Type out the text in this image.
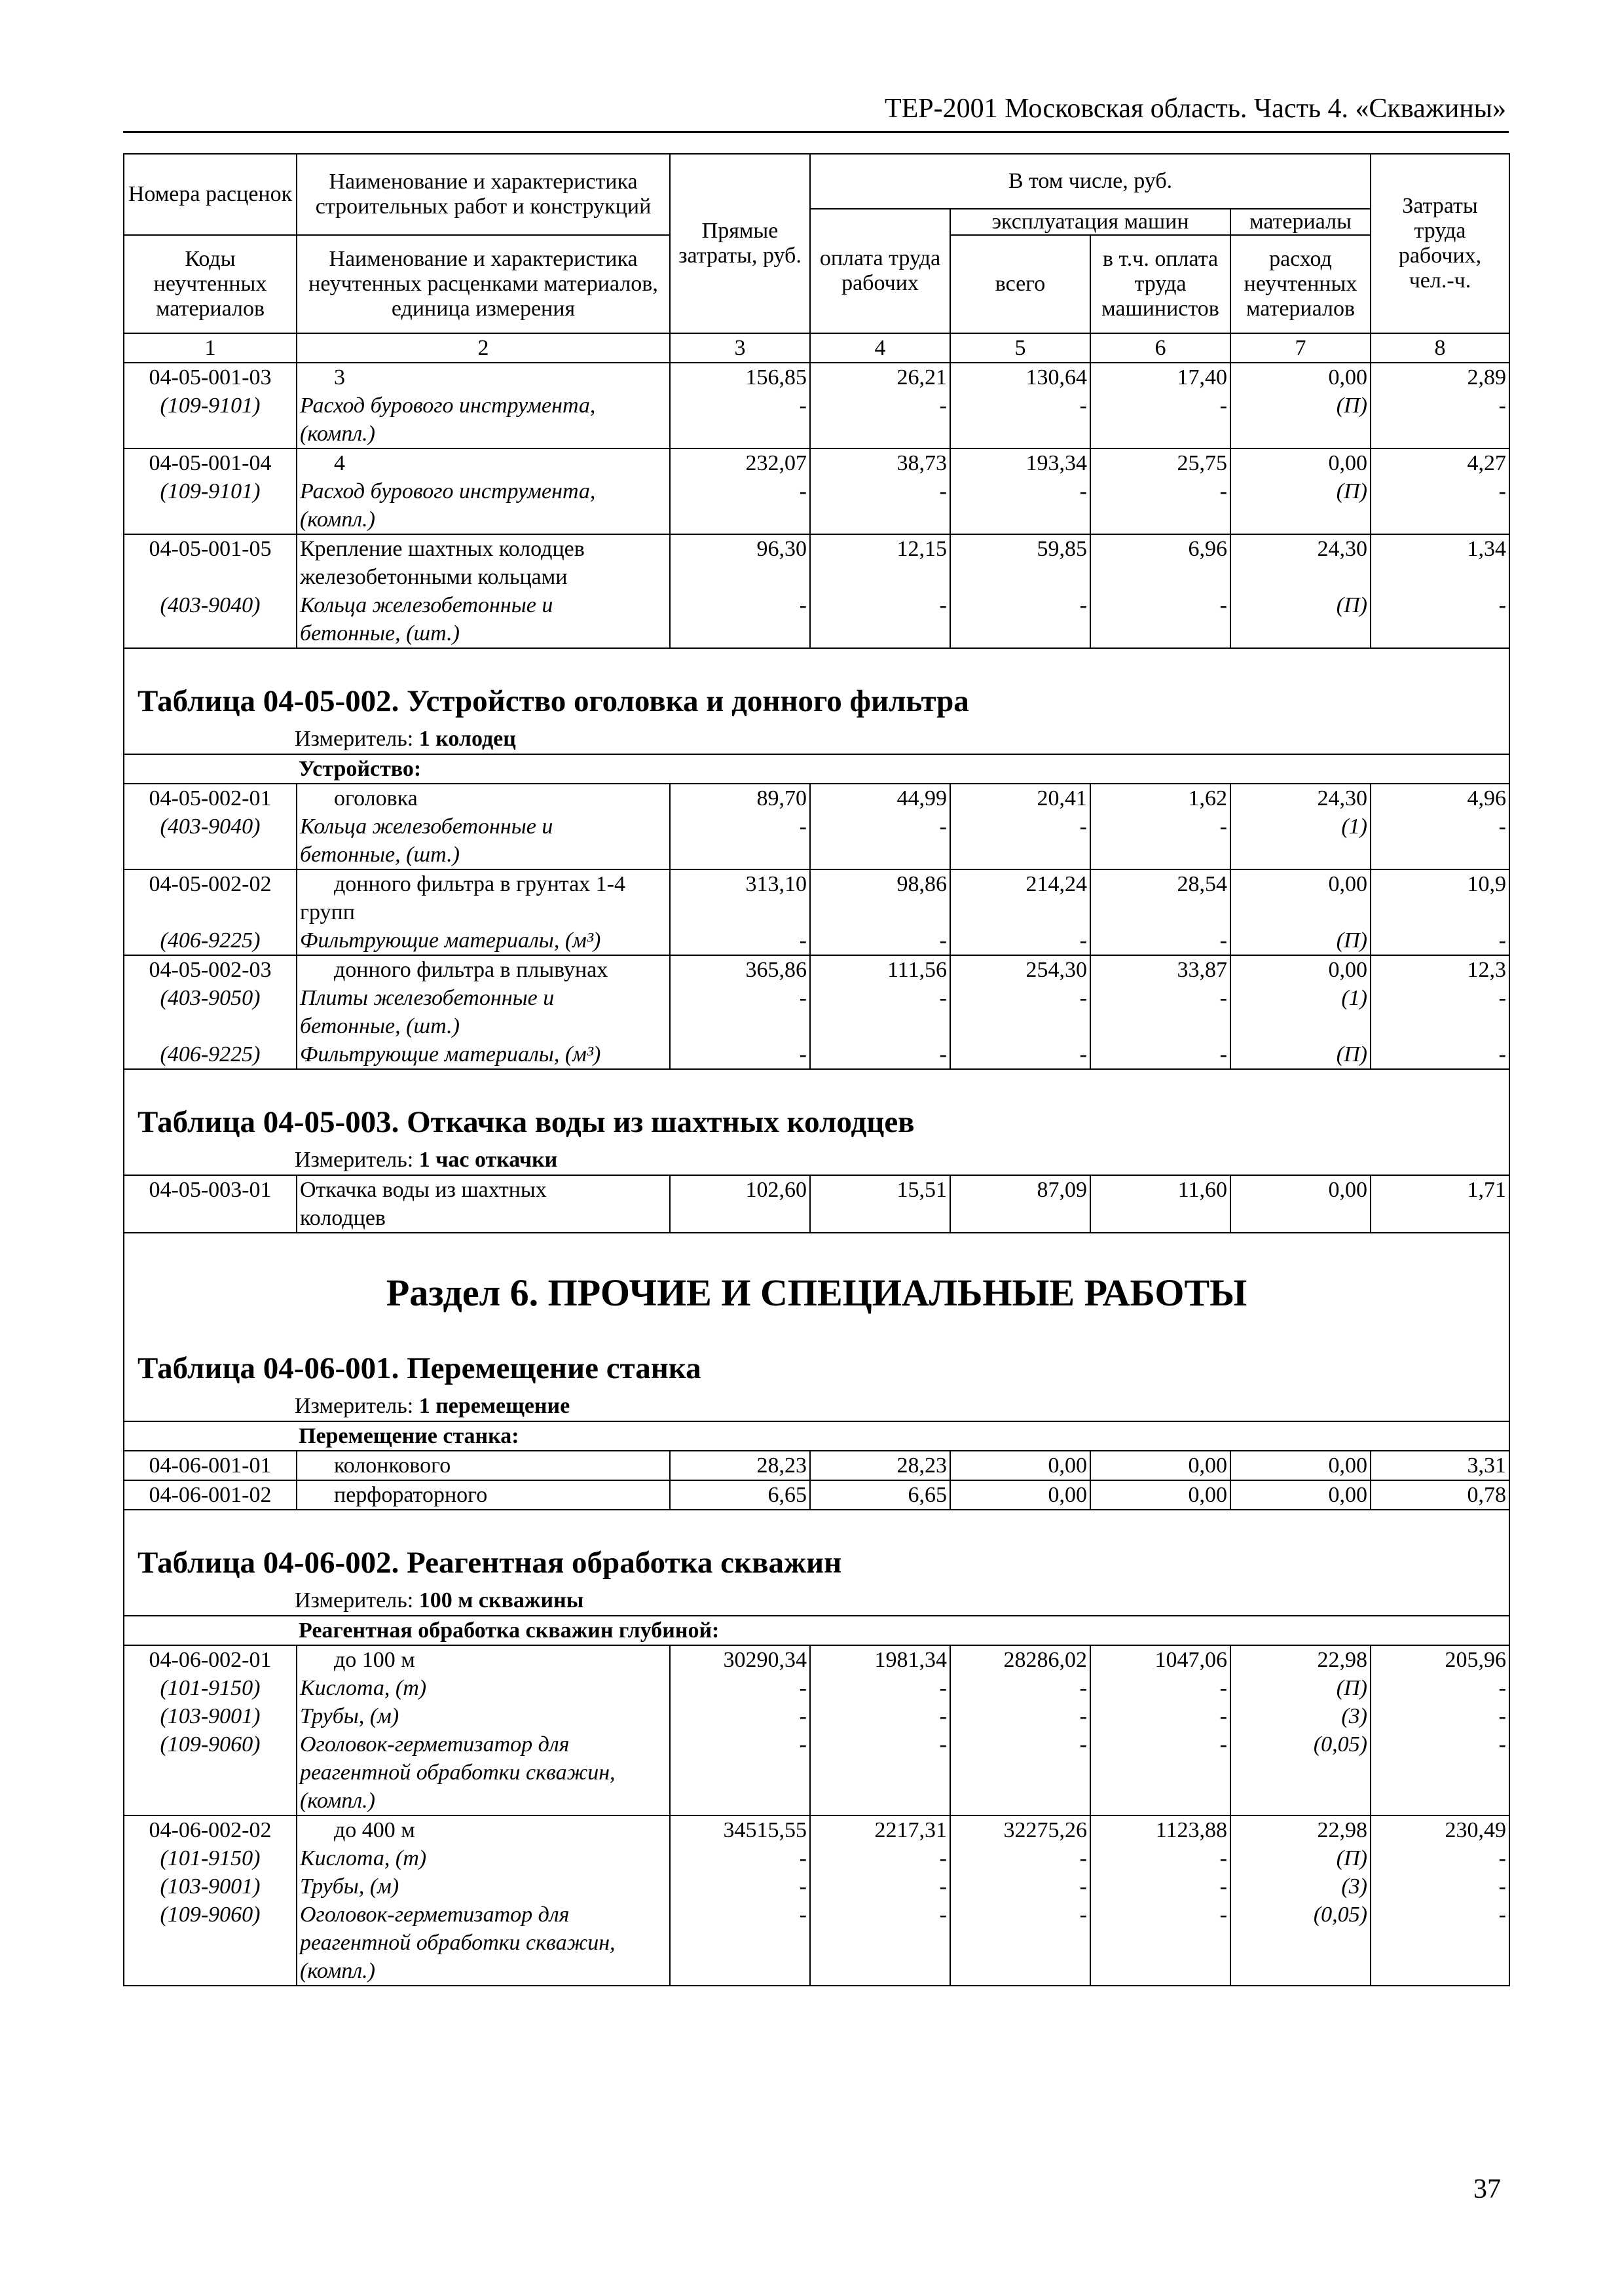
ТЕР-2001 Московская область. Часть 4. «Скважины»
Номера расценок	Наименование и характеристика строительных работ и конструкций	Прямые затраты, руб.	В том числе, руб.				Затраты труда рабочих, чел.-ч.
			оплата труда рабочих	эксплуатация машин		материалы	
Коды неучтенных материалов	Наименование и характеристика неучтенных расценками материалов, единица измерения			всего	в т.ч. оплата труда машинистов	расход неучтенных материалов	
1	2	3	4	5	6	7	8
04-05-001-03	3	156,85	26,21	130,64	17,40	0,00	2,89
(109-9101)	Расход бурового инструмента,	-	-	-	-	(П)	-
	(компл.)						
04-05-001-04	4	232,07	38,73	193,34	25,75	0,00	4,27
(109-9101)	Расход бурового инструмента,	-	-	-	-	(П)	-
	(компл.)						
04-05-001-05	Крепление шахтных колодцев	96,30	12,15	59,85	6,96	24,30	1,34
	железобетонными кольцами						
(403-9040)	Кольца железобетонные и	-	-	-	-	(П)	-
	бетонные, (шт.)						

Таблица 04-05-002. Устройство оголовка и донного фильтра
Измеритель: 1 колодец							

Устройство:							
04-05-002-01	оголовка	89,70	44,99	20,41	1,62	24,30	4,96
(403-9040)	Кольца железобетонные и	-	-	-	-	(1)	-
	бетонные, (шт.)						
04-05-002-02	донного фильтра в грунтах 1-4	313,10	98,86	214,24	28,54	0,00	10,9
	групп						
(406-9225)	Фильтрующие материалы, (м³)	-	-	-	-	(П)	-
04-05-002-03	донного фильтра в плывунах	365,86	111,56	254,30	33,87	0,00	12,3
(403-9050)	Плиты железобетонные и	-	-	-	-	(1)	-
	бетонные, (шт.)						
(406-9225)	Фильтрующие материалы, (м³)	-	-	-	-	(П)	-

Таблица 04-05-003. Откачка воды из шахтных колодцев
Измеритель: 1 час откачки							

04-05-003-01	Откачка воды из шахтных	102,60	15,51	87,09	11,60	0,00	1,71
	колодцев						

Раздел 6. ПРОЧИЕ И СПЕЦИАЛЬНЫЕ РАБОТЫ
Таблица 04-06-001. Перемещение станка
Измеритель: 1 перемещение							

Перемещение станка:							
04-06-001-01	колонкового	28,23	28,23	0,00	0,00	0,00	3,31
04-06-001-02	перфораторного	6,65	6,65	0,00	0,00	0,00	0,78

Таблица 04-06-002. Реагентная обработка скважин
Измеритель: 100 м скважины							

Реагентная обработка скважин глубиной:							
04-06-002-01	до 100 м	30290,34	1981,34	28286,02	1047,06	22,98	205,96
(101-9150)	Кислота, (т)	-	-	-	-	(П)	-
(103-9001)	Трубы, (м)	-	-	-	-	(3)	-
(109-9060)	Оголовок-герметизатор для	-	-	-	-	(0,05)	-
	реагентной обработки скважин,						
	(компл.)						
04-06-002-02	до 400 м	34515,55	2217,31	32275,26	1123,88	22,98	230,49
(101-9150)	Кислота, (т)	-	-	-	-	(П)	-
(103-9001)	Трубы, (м)	-	-	-	-	(3)	-
(109-9060)	Оголовок-герметизатор для	-	-	-	-	(0,05)	-
	реагентной обработки скважин,						
	(компл.)						
37
